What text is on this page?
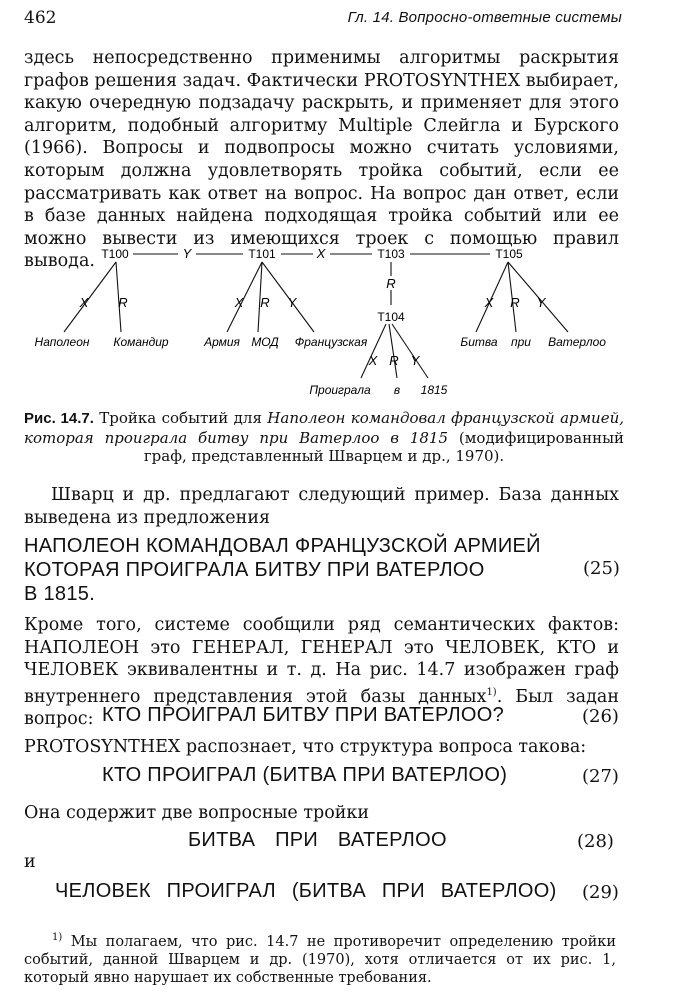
462	Гл. 14. Вопросно-ответные системы

здесь непосредственно применимы алгоритмы раскрытия графов решения задач. Фактически PROTOSYNTHEX выбирает, какую очередную подзадачу раскрыть, и применяет для этого алгоритм, подобный алгоритму Multiple Слейгла и Бурского (1966). Вопросы и подвопросы можно считать условиями, которым должна удовлетворять тройка событий, если ее рассматривать как ответ на вопрос. На вопрос дан ответ, если в базе данных найдена подходящая тройка событий или ее можно вывести из имеющихся троек с помощью правил вывода. T100	T101	T103	T105
T104
Y	X
R
X R	X R Y	X R Y
X R Y
Наполеон Командир	Армия МОД Французская	Битва при Ватерлоо
Проиграла в 1815

Рис. 14.7. Тройка событий для Наполеон командовал французской армией, которая проиграла битву при Ватерлоо в 1815 (модифицированный граф, представленный Шварцем и др., 1970).

Шварц и др. предлагают следующий пример. База данных выведена из предложения

НАПОЛЕОН КОМАНДОВАЛ ФРАНЦУЗСКОЙ АРМИЕЙ
КОТОРАЯ ПРОИГРАЛА БИТВУ ПРИ ВАТЕРЛОО
В 1815.
(25)

Кроме того, системе сообщили ряд семантических фактов: НАПОЛЕОН это ГЕНЕРАЛ, ГЕНЕРАЛ это ЧЕЛОВЕК, КТО и ЧЕЛОВЕК эквивалентны и т. д. На рис. 14.7 изображен граф внутреннего представления этой базы данных$^{1)}$. Был задан вопрос: КТО ПРОИГРАЛ БИТВУ ПРИ ВАТЕРЛОО?	(26)
PROTOSYNTHEX распознает, что структура вопроса такова:
КТО ПРОИГРАЛ (БИТВА ПРИ ВАТЕРЛОО)	(27)
Она содержит две вопросные тройки
БИТВА ПРИ ВАТЕРЛОО	(28)
и
ЧЕЛОВЕК ПРОИГРАЛ (БИТВА ПРИ ВАТЕРЛОО) (29)

$^{1)}$ Мы полагаем, что рис. 14.7 не противоречит определению тройки событий, данной Шварцем и др. (1970), хотя отличается от их рис. 1, который явно нарушает их собственные требования.
